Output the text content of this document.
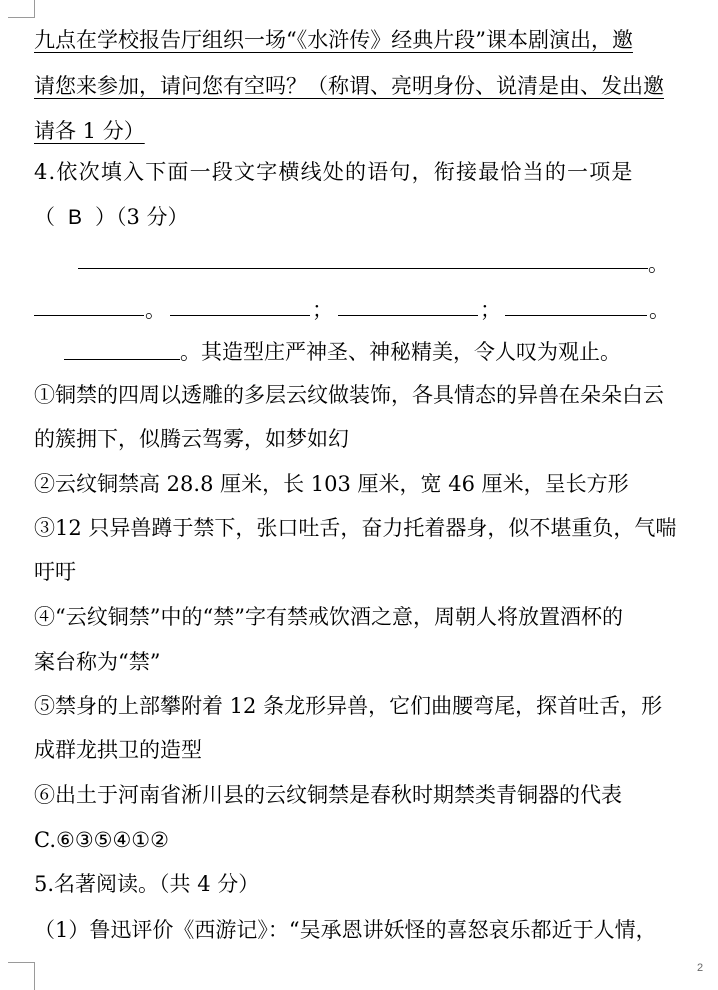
九点在学校报告厅组织一场“《水浒传》经典片段”课本剧演出，邀
请您来参加，请问您有空吗？（称谓、亮明身份、说清是由、发出邀
请各 1 分）
4.依次填入下面一段文字横线处的语句，衔接最恰当的一项是
（ B ）（3 分）
。
。	；	；	。
。其造型庄严神圣、神秘精美，令人叹为观止。
①铜禁的四周以透雕的多层云纹做装饰，各具情态的异兽在朵朵白云
的簇拥下，似腾云驾雾，如梦如幻
②云纹铜禁高 28.8 厘米，长 103 厘米，宽 46 厘米，呈长方形
③12 只异兽蹲于禁下，张口吐舌，奋力托着器身，似不堪重负，气喘
吁吁
④“云纹铜禁”中的“禁”字有禁戒饮酒之意，周朝人将放置酒杯的
案台称为“禁”
⑤禁身的上部攀附着 12 条龙形异兽，它们曲腰弯尾，探首吐舌，形
成群龙拱卫的造型
⑥出土于河南省淅川县的云纹铜禁是春秋时期禁类青铜器的代表
C.⑥③⑤④①②
5.名著阅读。（共 4 分）
（1）鲁迅评价《西游记》：“吴承恩讲妖怪的喜怒哀乐都近于人情，
2
